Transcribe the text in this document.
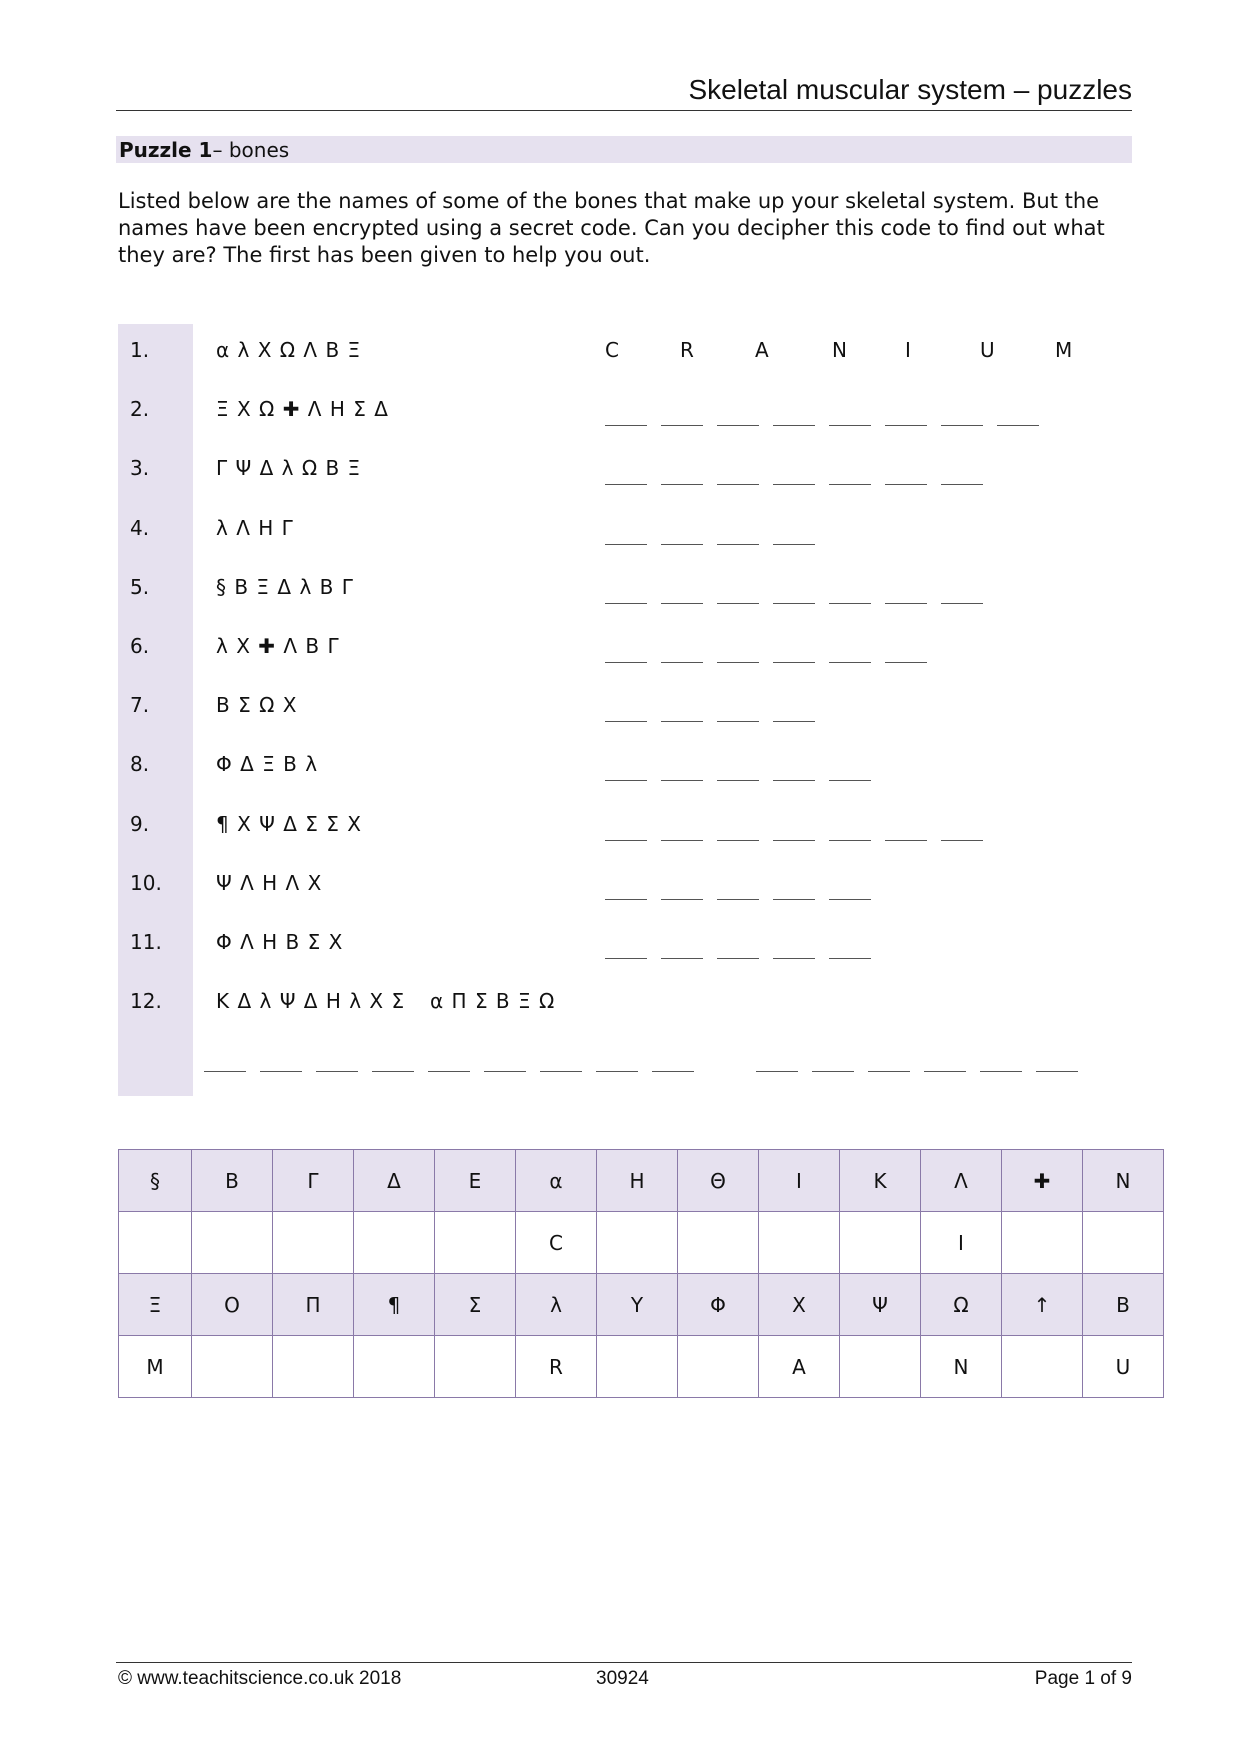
Skeletal muscular system – puzzles
Puzzle 1– bones

Listed below are the names of some of the bones that make up your skeletal system. But the names have been encrypted using a secret code. Can you decipher this code to find out what they are? The first has been given to help you out.

1.	α λ Χ Ω Λ Β Ξ	C	R	A	N	I	U	M
2.	Ξ Χ Ω ✚ Λ Η Σ Δ
3.	Γ Ψ Δ λ Ω Β Ξ
4.	λ Λ Η Γ
5.	§ Β Ξ Δ λ Β Γ
6.	λ Χ ✚ Λ Β Γ
7.	Β Σ Ω Χ
8.	Φ Δ Ξ Β λ
9.	¶ Χ Ψ Δ Σ Σ Χ
10.	Ψ Λ Η Λ Χ
11.	Φ Λ Η Β Σ Χ
12.	Κ Δ λ Ψ Δ Η λ Χ Σ α Π Σ Β Ξ Ω
§	Β	Γ	Δ	Ε	α	Η	Θ	Ι	Κ	Λ	✚	Ν
					C					I		
Ξ	Ο	Π	¶	Σ	λ	Υ	Φ	Χ	Ψ	Ω	↑	Β
M					R			A		N		U
© www.teachitscience.co.uk 2018	30924	Page 1 of 9
